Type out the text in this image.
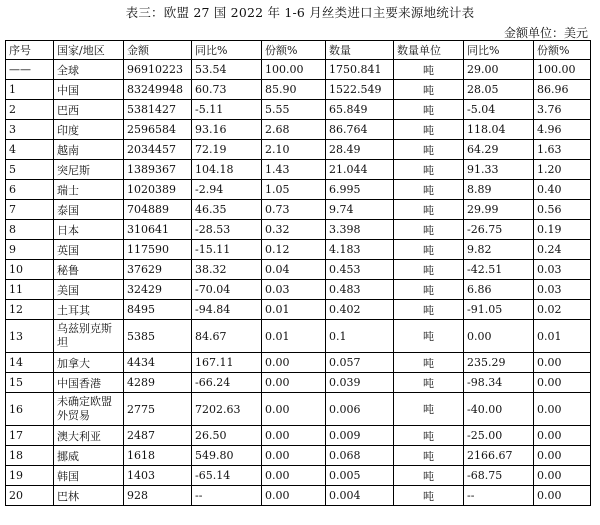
表三：欧盟 27 国 2022 年 1-6 月丝类进口主要来源地统计表
金额单位：美元
序号	国家/地区	金额	同比%	份额%	数量	数量单位	同比%	份额%
——	全球	96910223	53.54	100.00	1750.841	吨	29.00	100.00
1	中国	83249948	60.73	85.90	1522.549	吨	28.05	86.96
2	巴西	5381427	-5.11	5.55	65.849	吨	-5.04	3.76
3	印度	2596584	93.16	2.68	86.764	吨	118.04	4.96
4	越南	2034457	72.19	2.10	28.49	吨	64.29	1.63
5	突尼斯	1389367	104.18	1.43	21.044	吨	91.33	1.20
6	瑞士	1020389	-2.94	1.05	6.995	吨	8.89	0.40
7	泰国	704889	46.35	0.73	9.74	吨	29.99	0.56
8	日本	310641	-28.53	0.32	3.398	吨	-26.75	0.19
9	英国	117590	-15.11	0.12	4.183	吨	9.82	0.24
10	秘鲁	37629	38.32	0.04	0.453	吨	-42.51	0.03
11	美国	32429	-70.04	0.03	0.483	吨	6.86	0.03
12	土耳其	8495	-94.84	0.01	0.402	吨	-91.05	0.02
13	乌兹别克斯坦	5385	84.67	0.01	0.1	吨	0.00	0.01
14	加拿大	4434	167.11	0.00	0.057	吨	235.29	0.00
15	中国香港	4289	-66.24	0.00	0.039	吨	-98.34	0.00
16	未确定欧盟外贸易	2775	7202.63	0.00	0.006	吨	-40.00	0.00
17	澳大利亚	2487	26.50	0.00	0.009	吨	-25.00	0.00
18	挪威	1618	549.80	0.00	0.068	吨	2166.67	0.00
19	韩国	1403	-65.14	0.00	0.005	吨	-68.75	0.00
20	巴林	928	--	0.00	0.004	吨	--	0.00
